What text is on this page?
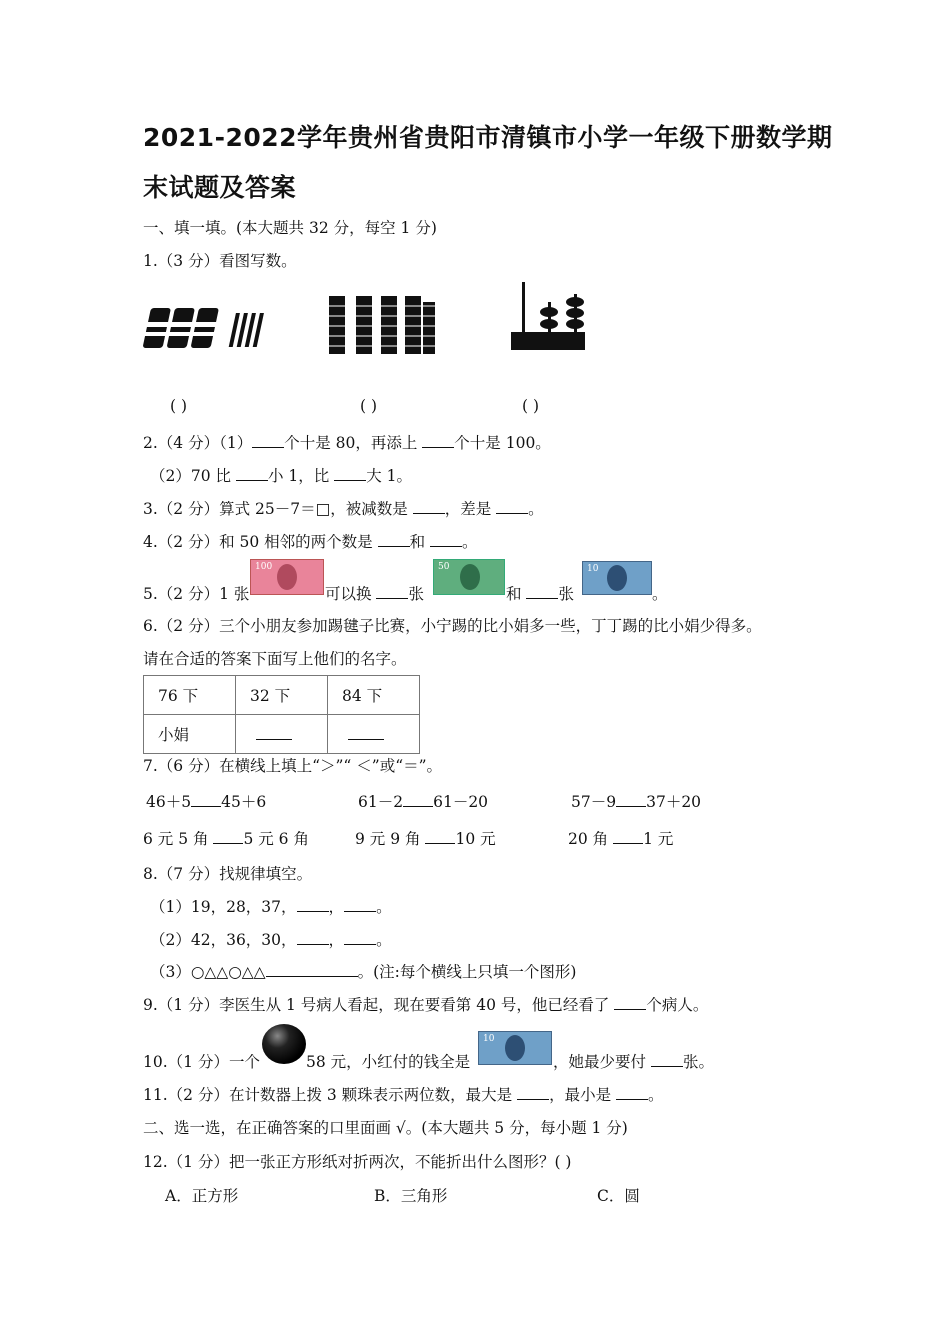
2021-2022学年贵州省贵阳市清镇市小学一年级下册数学期
末试题及答案
一、填一填。(本大题共 32 分，每空 1 分)
1.（3 分）看图写数。
( )	( )	( )
2.（4 分）（1） 个十是 80，再添上 个十是 100。
（2）70 比 小 1，比 大 1。
3.（2 分）算式 25－7＝□，被减数是 ，差是 。
4.（2 分）和 50 相邻的两个数是 和 。
5.（2 分）1 张
100
可以换 张
50
和 张
10
。
6.（2 分）三个小朋友参加踢毽子比赛，小宁踢的比小娟多一些，丁丁踢的比小娟少得多。
请在合适的答案下面写上他们的名字。
76 下	32 下	84 下
小娟		
7.（6 分）在横线上填上“＞”“ ＜”或“＝”。
46＋5 45＋6	61－2 61－20	57－9 37＋20
6 元 5 角 5 元 6 角	9 元 9 角 10 元	20 角 1 元
8.（7 分）找规律填空。
（1）19，28，37， ， 。
（2）42，36，30， ， 。
（3）○△△○△△	。(注:每个横线上只填一个图形)
9.（1 分）李医生从 1 号病人看起，现在要看第 40 号，他已经看了 个病人。
10.（1 分）一个	58 元，小红付的钱全是
10
，她最少要付 张。
11.（2 分）在计数器上拨 3 颗珠表示两位数，最大是 ，最小是 。
二、选一选，在正确答案的口里面画 √。(本大题共 5 分，每小题 1 分)
12.（1 分）把一张正方形纸对折两次，不能折出什么图形？( )
A．正方形	B．三角形	C．圆
